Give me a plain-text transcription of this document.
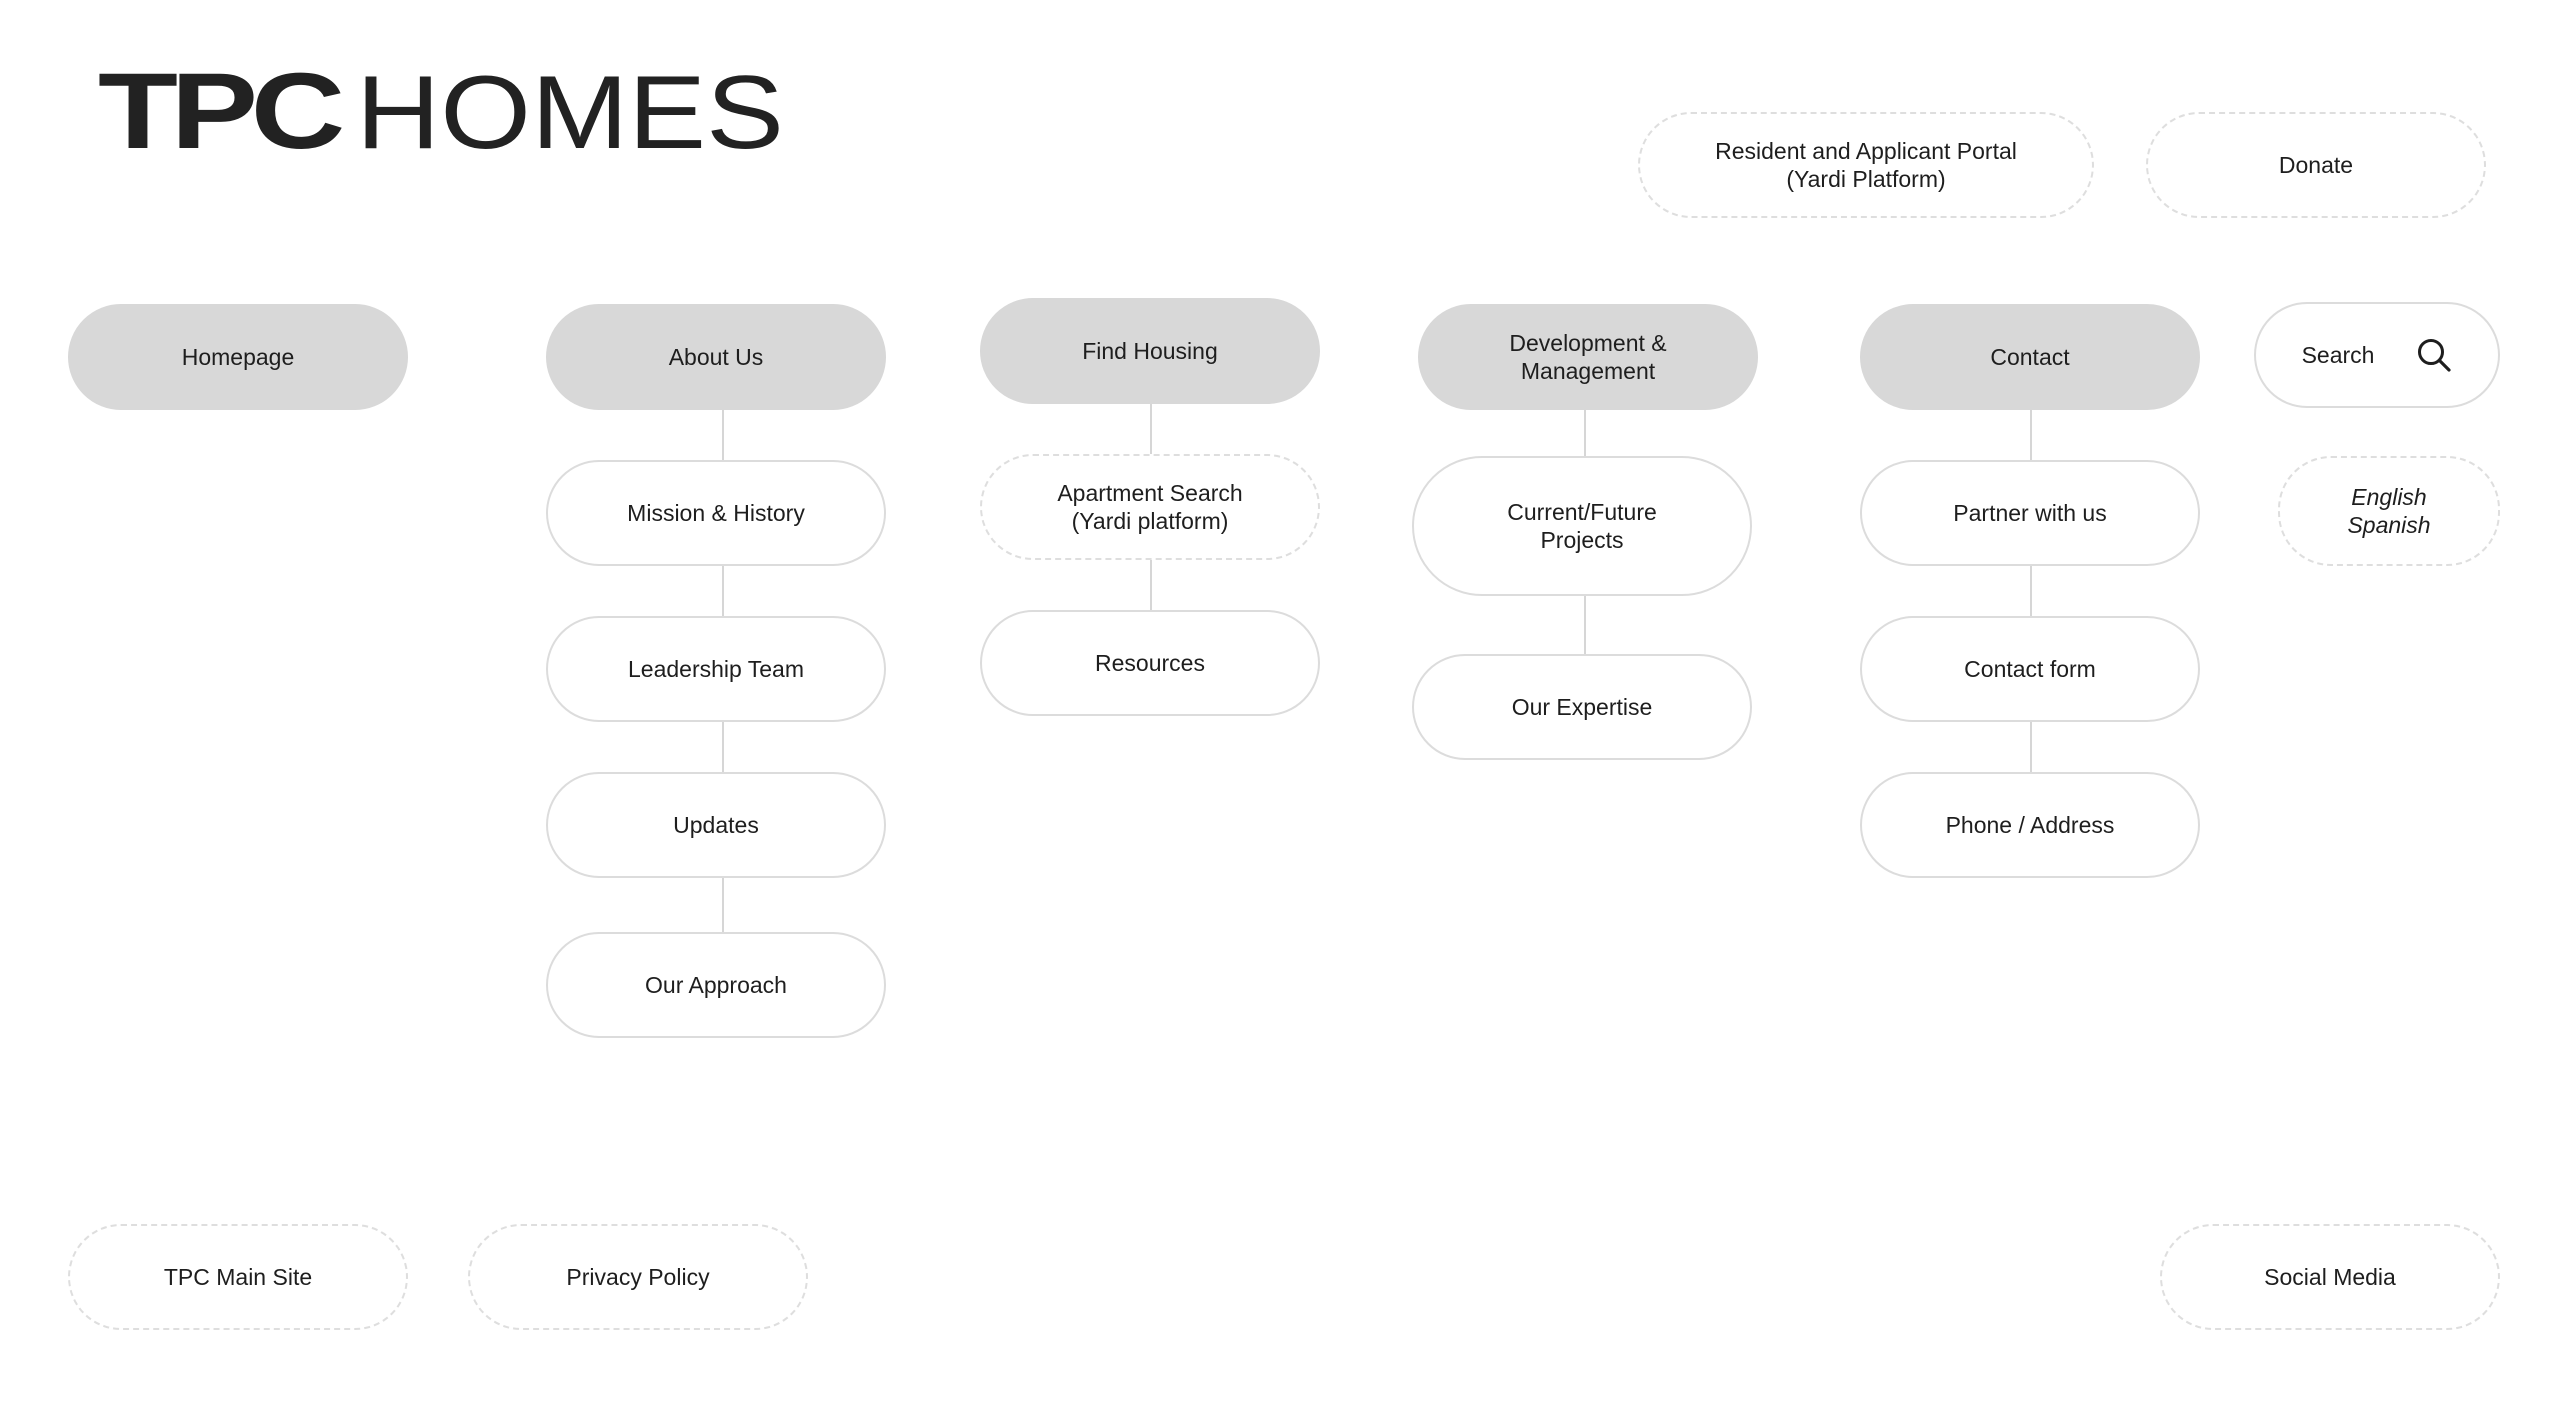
TPC HOMES	Resident and Applicant Portal
(Yardi Platform)
Donate
Homepage	About Us
Mission & History
Leadership Team
Updates
Our Approach
Find Housing
Apartment Search
(Yardi platform)
Resources
Development &
Management
Current/Future
Projects
Our Expertise
Contact
Partner with us
Contact form
Phone / Address
Search
English
Spanish
TPC Main Site	Privacy Policy	Social Media
